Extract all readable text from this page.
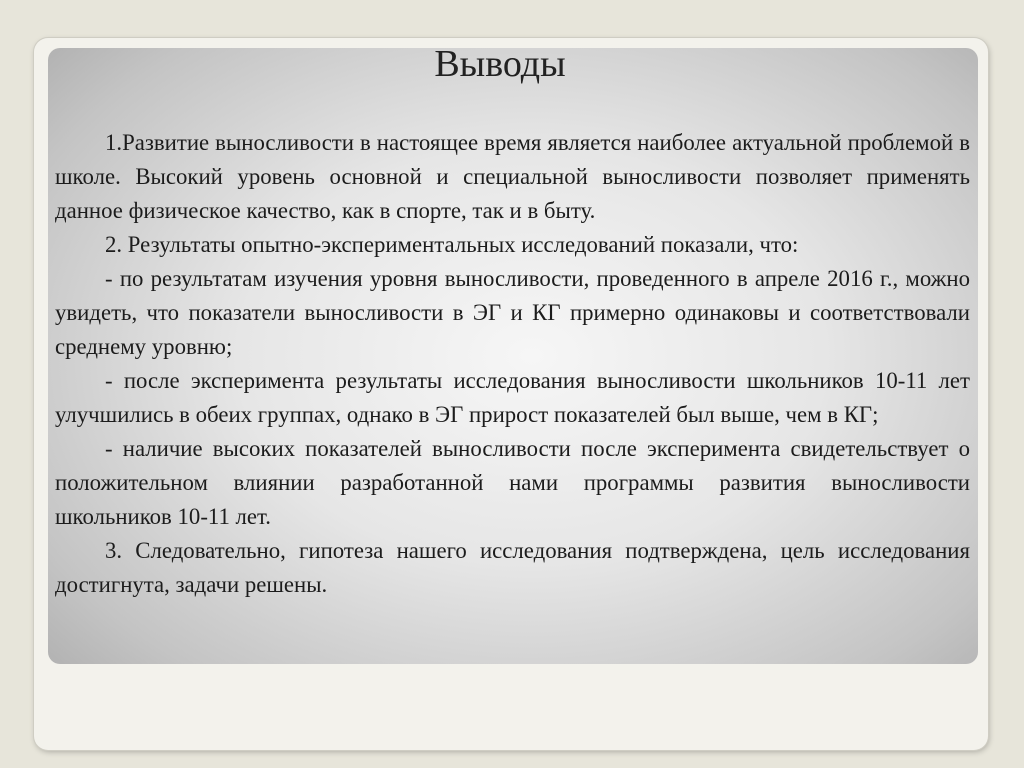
Выводы

1.Развитие выносливости в настоящее время является наиболее актуальной проблемой в школе. Высокий уровень основной и специальной выносливости позволяет применять данное физическое качество, как в спорте, так и в быту.

2. Результаты опытно-экспериментальных исследований показали, что:

- по результатам изучения уровня выносливости, проведенного в апреле 2016 г., можно увидеть, что показатели выносливости в ЭГ и КГ примерно одинаковы и соответствовали среднему уровню;

- после эксперимента результаты исследования выносливости школьников 10-11 лет улучшились в обеих группах, однако в ЭГ прирост показателей был выше, чем в КГ;

- наличие высоких показателей выносливости после эксперимента свидетельствует о положительном влиянии разработанной нами программы развития выносливости школьников 10-11 лет.

3. Следовательно, гипотеза нашего исследования подтверждена, цель исследования достигнута, задачи решены.
